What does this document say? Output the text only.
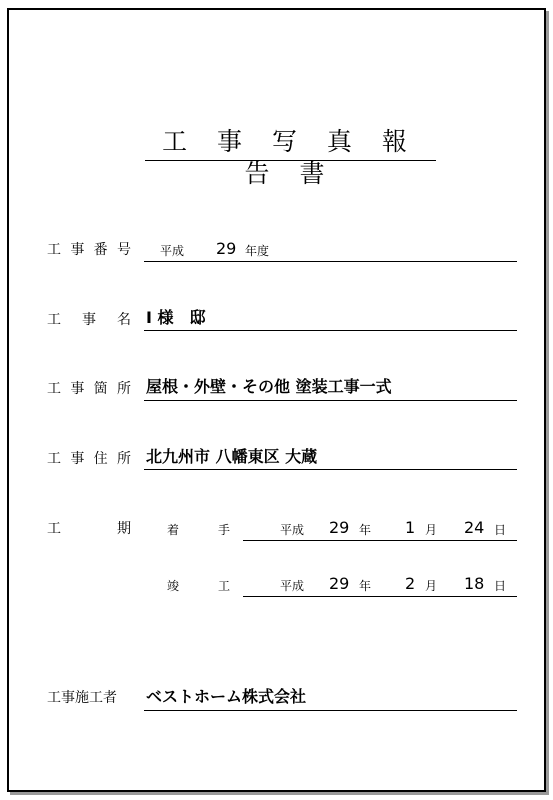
工 事 写 真 報 告 書
工 事 番 号 平成 29 年度
工 事 名 I 様　邸
工 事 箇 所 屋根・外壁・その他 塗装工事一式
工 事 住 所 北九州市 八幡東区 大蔵
工	期	着	手	平成 29 年 1 月 24 日
竣	工	平成 29 年 2 月 18 日
工事施工者 ベストホーム株式会社
